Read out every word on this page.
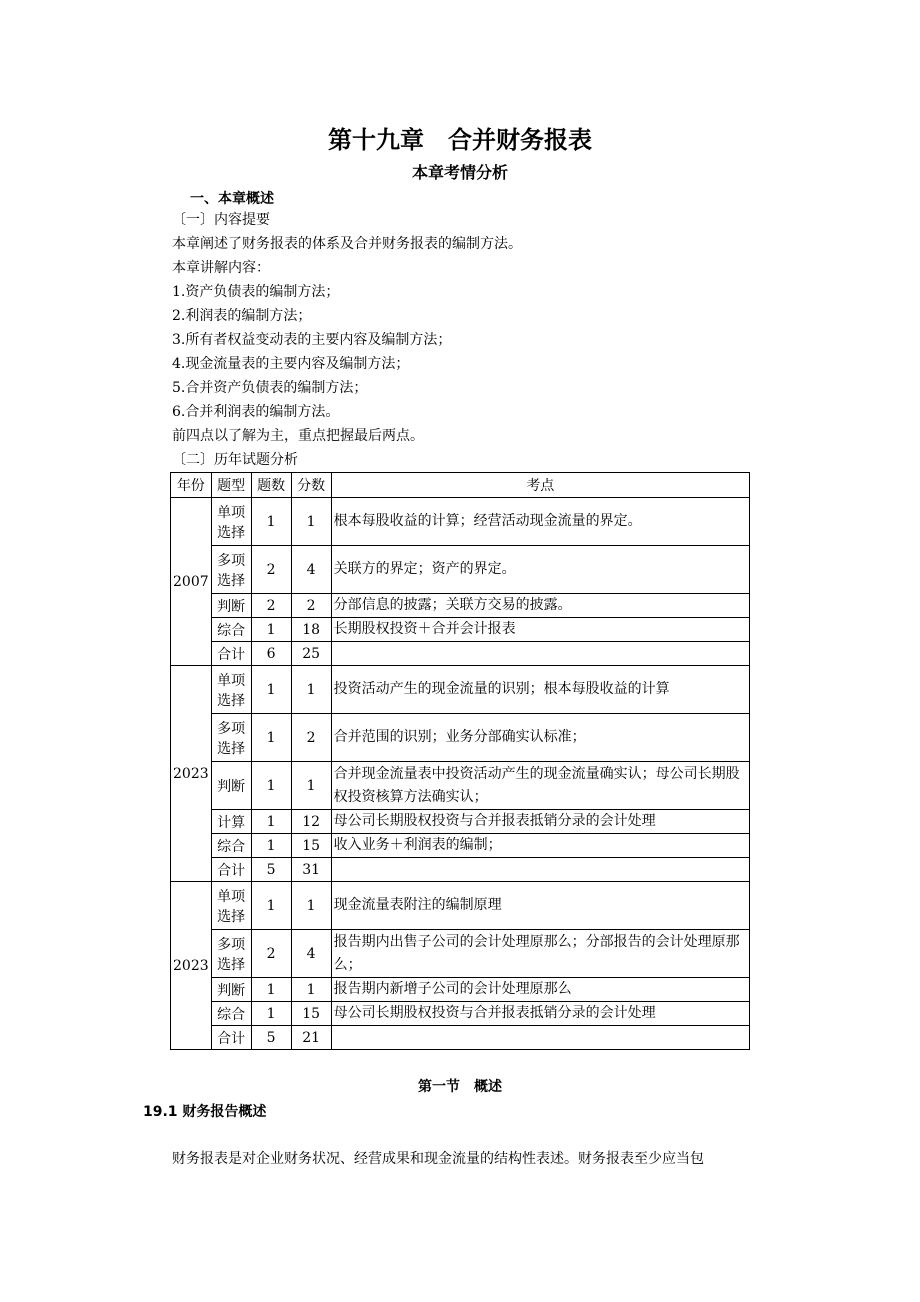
第十九章　合并财务报表
本章考情分析
一、本章概述
〔一〕内容提要
本章阐述了财务报表的体系及合并财务报表的编制方法。
本章讲解内容：
1.资产负债表的编制方法；
2.利润表的编制方法；
3.所有者权益变动表的主要内容及编制方法；
4.现金流量表的主要内容及编制方法；
5.合并资产负债表的编制方法；
6.合并利润表的编制方法。
前四点以了解为主，重点把握最后两点。
〔二〕历年试题分析
年份	题型	题数	分数	考点
2007	单项选择	1	1	根本每股收益的计算；经营活动现金流量的界定。
	多项选择	2	4	关联方的界定；资产的界定。
	判断	2	2	分部信息的披露；关联方交易的披露。
	综合	1	18	长期股权投资＋合并会计报表
	合计	6	25	
2023	单项选择	1	1	投资活动产生的现金流量的识别；根本每股收益的计算
	多项选择	1	2	合并范围的识别；业务分部确实认标准；
	判断	1	1	合并现金流量表中投资活动产生的现金流量确实认；母公司长期股权投资核算方法确实认；
	计算	1	12	母公司长期股权投资与合并报表抵销分录的会计处理
	综合	1	15	收入业务＋利润表的编制；
	合计	5	31	
2023	单项选择	1	1	现金流量表附注的编制原理
	多项选择	2	4	报告期内出售子公司的会计处理原那么；分部报告的会计处理原那么；
	判断	1	1	报告期内新增子公司的会计处理原那么
	综合	1	15	母公司长期股权投资与合并报表抵销分录的会计处理
	合计	5	21	
第一节　概述
19.1 财务报告概述
财务报表是对企业财务状况、经营成果和现金流量的结构性表述。财务报表至少应当包
